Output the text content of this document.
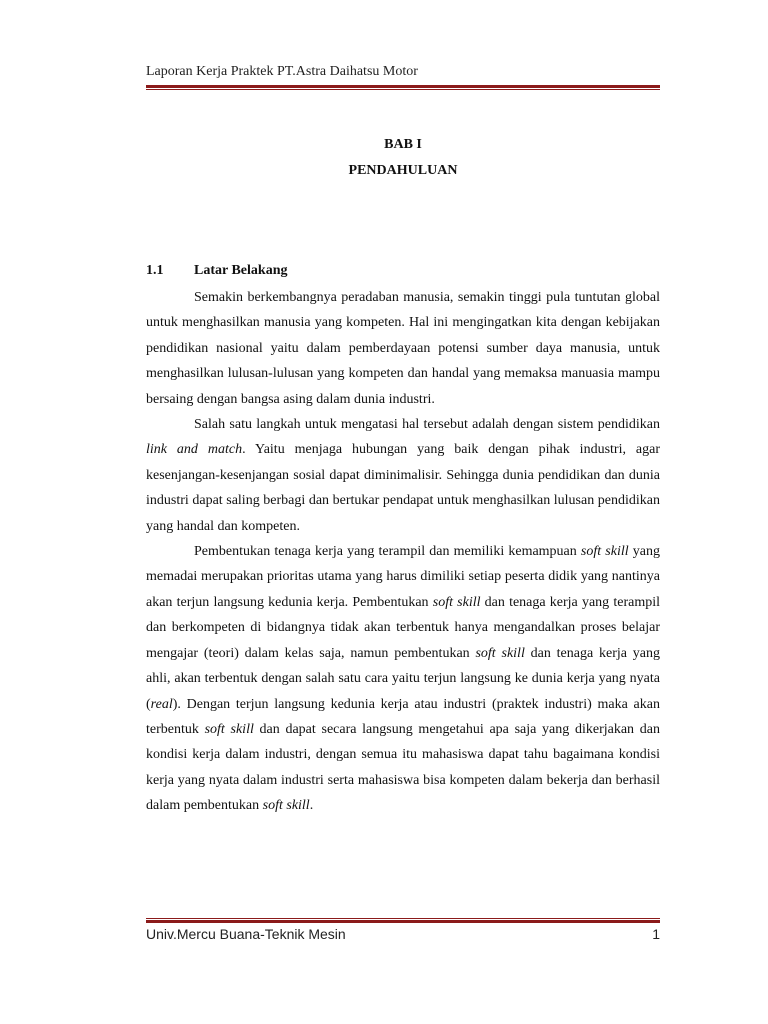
Laporan Kerja Praktek PT.Astra Daihatsu Motor
BAB I
PENDAHULUAN
1.1 Latar Belakang

Semakin berkembangnya peradaban manusia, semakin tinggi pula tuntutan global untuk menghasilkan manusia yang kompeten. Hal ini mengingatkan kita dengan kebijakan pendidikan nasional yaitu dalam pemberdayaan potensi sumber daya manusia, untuk menghasilkan lulusan-lulusan yang kompeten dan handal yang memaksa manuasia mampu bersaing dengan bangsa asing dalam dunia industri.

Salah satu langkah untuk mengatasi hal tersebut adalah dengan sistem pendidikan link and match. Yaitu menjaga hubungan yang baik dengan pihak industri, agar kesenjangan-kesenjangan sosial dapat diminimalisir. Sehingga dunia pendidikan dan dunia industri dapat saling berbagi dan bertukar pendapat untuk menghasilkan lulusan pendidikan yang handal dan kompeten.

Pembentukan tenaga kerja yang terampil dan memiliki kemampuan soft skill yang memadai merupakan prioritas utama yang harus dimiliki setiap peserta didik yang nantinya akan terjun langsung kedunia kerja. Pembentukan soft skill dan tenaga kerja yang terampil dan berkompeten di bidangnya tidak akan terbentuk hanya mengandalkan proses belajar mengajar (teori) dalam kelas saja, namun pembentukan soft skill dan tenaga kerja yang ahli, akan terbentuk dengan salah satu cara yaitu terjun langsung ke dunia kerja yang nyata (real). Dengan terjun langsung kedunia kerja atau industri (praktek industri) maka akan terbentuk soft skill dan dapat secara langsung mengetahui apa saja yang dikerjakan dan kondisi kerja dalam industri, dengan semua itu mahasiswa dapat tahu bagaimana kondisi kerja yang nyata dalam industri serta mahasiswa bisa kompeten dalam bekerja dan berhasil dalam pembentukan soft skill.

Univ.Mercu Buana-Teknik Mesin	1
